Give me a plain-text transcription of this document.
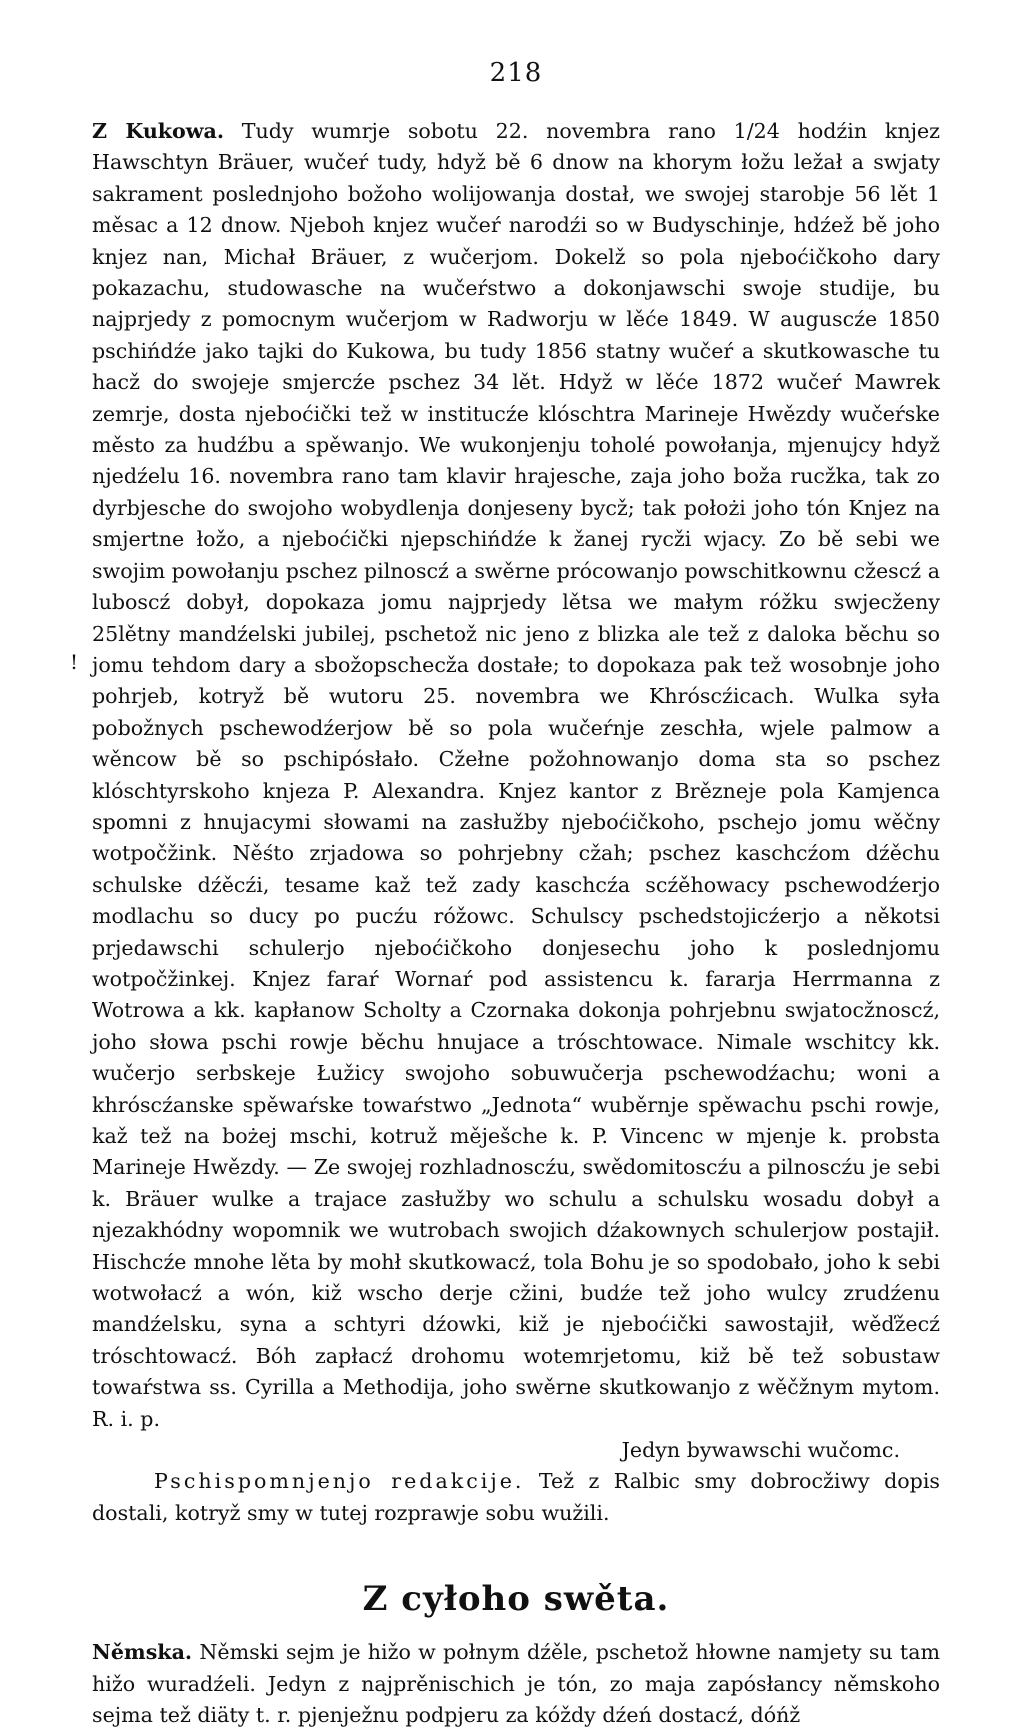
218

Z Kukowa. Tudy wumrje sobotu 22. novembra rano 1/24 hodźin knjez Hawschtyn Bräuer, wučeŕ tudy, hdyž bě 6 dnow na khorym łožu ležał a swjaty sakrament poslednjoho božoho wolijowanja dostał, we swojej starobje 56 lět 1 měsac a 12 dnow. Njeboh knjez wučeŕ narodźi so w Budyschinje, hdźež bě joho knjez nan, Michał Bräuer, z wučerjom. Dokelž so pola njeboćičkoho dary pokazachu, studowasche na wučeŕstwo a dokonjawschi swoje studije, bu najprjedy z pomocnym wučerjom w Radworju w lěće 1849. W auguscźe 1850 pschińdźe jako tajki do Kukowa, bu tudy 1856 statny wučeŕ a skutkowasche tu hacž do swojeje smjercźe pschez 34 lět. Hdyž w lěće 1872 wučeŕ Mawrek zemrje, dosta njeboćički tež w institucźe klóschtra Marineje Hwězdy wučeŕske město za hudźbu a spěwanjo. We wukonjenju toholé powołanja, mjenujcy hdyž njedźelu 16. novembra rano tam klavir hrajesche, zaja joho boža rucžka, tak zo dyrbjesche do swojoho wobydlenja donjeseny bycž; tak położi joho tón Knjez na smjertne łožo, a njeboćički njepschińdźe k žanej rycži wjacy. Zo bě sebi we swojim powołanju pschez pilnoscź a swěrne prócowanjo powschitkownu cžescź a luboscź dobył, dopokaza jomu najprjedy lětsa we małym róžku swjecženy 25lětny mandźelski jubilej, pschetož nic jeno z blizka ale tež z daloka běchu so jomu tehdom dary a sbožopschecža dostałe; to dopokaza pak tež wosobnje joho pohrjeb, kotryž bě wutoru 25. novembra we Khróscźicach. Wulka syła pobožnych pschewodźerjow bě so pola wučeŕnje zeschła, wjele palmow a wěncow bě so pschipósłało. Cžełne požohnowanjo doma sta so pschez klóschtyrskoho knjeza P. Alexandra. Knjez kantor z Brězneje pola Kamjenca spomni z hnujacymi słowami na zasłužby njeboćičkoho, pschejo jomu wěčny wotpočžink. Něśto zrjadowa so pohrjebny cžah; pschez kaschcźom dźěchu schulske dźěcźi, tesame kaž tež zady kaschcźa scźěhowacy pschewodźerjo modlachu so ducy po pucźu róžowc. Schulscy pschedstojicźerjo a někotsi prjedawschi schulerjo njeboćičkoho donjesechu joho k poslednjomu wotpočžinkej. Knjez faraŕ Wornaŕ pod assistencu k. fararja Herrmanna z Wotrowa a kk. kapłanow Scholty a Czornaka dokonja pohrjebnu swjatocžnoscź, joho słowa pschi rowje běchu hnujace a tróschtowace. Nimale wschitcy kk. wučerjo serbskeje Łužicy swojoho sobuwučerja pschewodźachu; woni a khróscźanske spěwaŕske towaŕstwo „Jednota“ wuběrnje spěwachu pschi rowje, kaž tež na bożej mschi, kotruž měješche k. P. Vincenc w mjenje k. probsta Marineje Hwězdy. — Ze swojej rozhladnoscźu, swědomitoscźu a pilnoscźu je sebi k. Bräuer wulke a trajace zasłužby wo schulu a schulsku wosadu dobył a njezakhódny wopomnik we wutrobach swojich dźakownych schulerjow postajił. Hischcźe mnohe lěta by mohł skutkowacź, tola Bohu je so spodobało, joho k sebi wotwołacź a wón, kiž wscho derje cžini, budźe tež joho wulcy zrudźenu mandźelsku, syna a schtyri dźowki, kiž je njeboćički sawostajił, wěďžecź tróschtowacź. Bóh zapłacź drohomu wotemrjetomu, kiž bě tež sobustaw towaŕstwa ss. Cyrilla a Methodija, joho swěrne skutkowanjo z wěčžnym mytom. R. i. p.

Jedyn bywawschi wučomc.

Pschispomnjenjo redakcije. Tež z Ralbic smy dobrocžiwy dopis dostali, kotryž smy w tutej rozprawje sobu wužili.

Z cyłoho swěta.

Němska. Němski sejm je hižo w połnym dźěle, pschetož hłowne namjety su tam hižo wuradźeli. Jedyn z najprěnischich je tón, zo maja zapósłancy němskoho sejma tež diäty t. r. pjenježnu podpjeru za kóždy dźeń dostacź, dóńž

!
